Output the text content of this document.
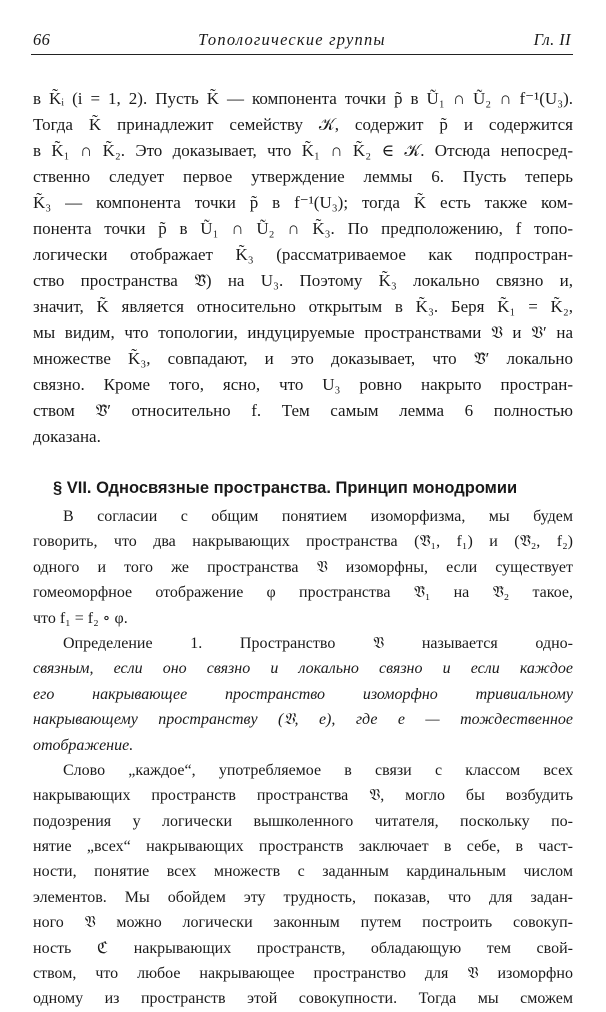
66	Топологические группы	Гл. II
в K̃ᵢ (i = 1, 2). Пусть K̃ — компонента точки p̃ в Ũ₁ ∩ Ũ₂ ∩ f⁻¹(U₃).
Тогда K̃ принадлежит семейству 𝒦, содержит p̃ и содержится
в K̃₁ ∩ K̃₂. Это доказывает, что K̃₁ ∩ K̃₂ ∈ 𝒦. Отсюда непосред-
ственно следует первое утверждение леммы 6. Пусть теперь
K̃₃ — компонента точки p̃ в f⁻¹(U₃); тогда K̃ есть также ком-
понента точки p̃ в Ũ₁ ∩ Ũ₂ ∩ K̃₃. По предположению, f топо-
логически отображает K̃₃ (рассматриваемое как подпростран-
ство пространства 𝔙̃) на U₃. Поэтому K̃₃ локально связно и,
значит, K̃ является относительно открытым в K̃₃. Беря K̃₁ = K̃₂,
мы видим, что топологии, индуцируемые пространствами 𝔙 и 𝔙′ на
множестве K̃₃, совпадают, и это доказывает, что 𝔙̃′ локально
связно. Кроме того, ясно, что U₃ ровно накрыто простран-
ством 𝔙̃′ относительно f. Тем самым лемма 6 полностью
доказана.
§ VII. Односвязные пространства. Принцип монодромии
В согласии с общим понятием изоморфизма, мы будем
говорить, что два накрывающих пространства (𝔙̃₁, f₁) и (𝔙̃₂, f₂)
одного и того же пространства 𝔙 изоморфны, если существует
гомеоморфное отображение φ пространства 𝔙̃₁ на 𝔙̃₂ такое,
что f₁ = f₂ ∘ φ.
Определение 1. Пространство 𝔙 называется одно-
связным, если оно связно и локально связно и если каждое
его накрывающее пространство изоморфно тривиальному
накрывающему пространству (𝔙, e), где e — тождественное
отображение.
Слово „каждое“, употребляемое в связи с классом всех
накрывающих пространств пространства 𝔙, могло бы возбудить
подозрения у логически вышколенного читателя, поскольку по-
нятие „всех“ накрывающих пространств заключает в себе, в част-
ности, понятие всех множеств с заданным кардинальным числом
элементов. Мы обойдем эту трудность, показав, что для задан-
ного 𝔙 можно логически законным путем построить совокуп-
ность ℭ накрывающих пространств, обладающую тем свой-
ством, что любое накрывающее пространство для 𝔙 изоморфно
одному из пространств этой совокупности. Тогда мы сможем
